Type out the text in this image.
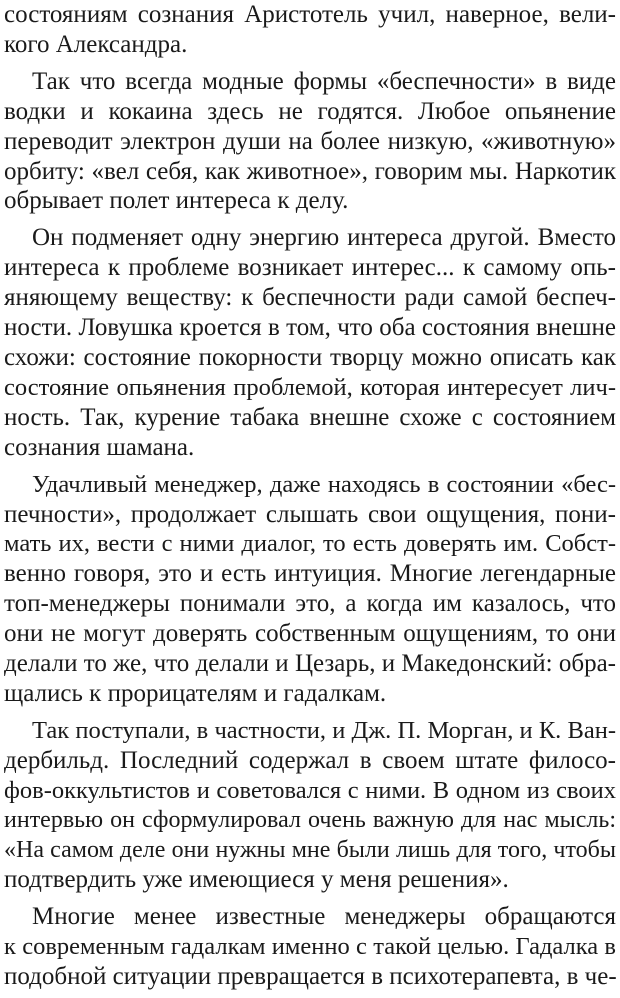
состояниям сознания Аристотель учил, наверное, вели-
кого Александра.
Так что всегда модные формы «беспечности» в виде
водки и кокаина здесь не годятся. Любое опьянение
переводит электрон души на более низкую, «животную»
орбиту: «вел себя, как животное», говорим мы. Наркотик
обрывает полет интереса к делу.
Он подменяет одну энергию интереса другой. Вместо
интереса к проблеме возникает интерес... к самому опь-
яняющему веществу: к беспечности ради самой беспеч-
ности. Ловушка кроется в том, что оба состояния внешне
схожи: состояние покорности творцу можно описать как
состояние опьянения проблемой, которая интересует лич-
ность. Так, курение табака внешне схоже с состоянием
сознания шамана.
Удачливый менеджер, даже находясь в состоянии «бес-
печности», продолжает слышать свои ощущения, пони-
мать их, вести с ними диалог, то есть доверять им. Собст-
венно говоря, это и есть интуиция. Многие легендарные
топ-менеджеры понимали это, а когда им казалось, что
они не могут доверять собственным ощущениям, то они
делали то же, что делали и Цезарь, и Македонский: обра-
щались к прорицателям и гадалкам.
Так поступали, в частности, и Дж. П. Морган, и К. Ван-
дербильд. Последний содержал в своем штате филосо-
фов-оккультистов и советовался с ними. В одном из своих
интервью он сформулировал очень важную для нас мысль:
«На самом деле они нужны мне были лишь для того, чтобы
подтвердить уже имеющиеся у меня решения».
Многие менее известные менеджеры обращаются
к современным гадалкам именно с такой целью. Гадалка в
подобной ситуации превращается в психотерапевта, в че-
